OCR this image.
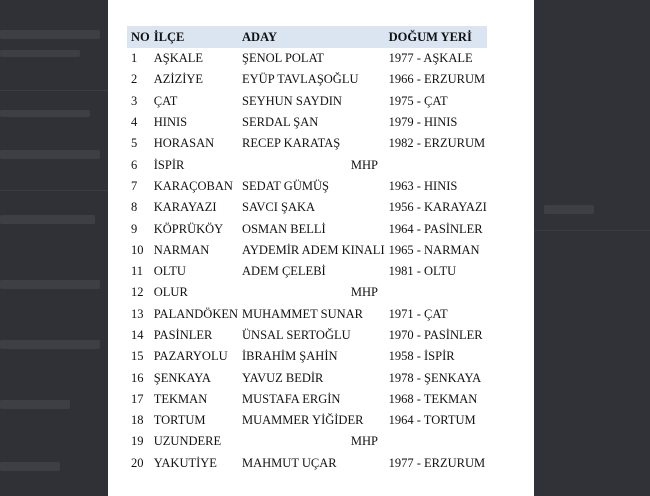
NO	İLÇE	ADAY	DOĞUM YERİ
1	AŞKALE	ŞENOL POLAT	1977 - AŞKALE
2	AZİZİYE	EYÜP TAVLAŞOĞLU	1966 - ERZURUM
3	ÇAT	SEYHUN SAYDIN	1975 - ÇAT
4	HINIS	SERDAL ŞAN	1979 - HINIS
5	HORASAN	RECEP KARATAŞ	1982 - ERZURUM
6	İSPİR	MHP	
7	KARAÇOBAN	SEDAT GÜMÜŞ	1963 - HINIS
8	KARAYAZI	SAVCI ŞAKA	1956 - KARAYAZI
9	KÖPRÜKÖY	OSMAN BELLİ	1964 - PASİNLER
10	NARMAN	AYDEMİR ADEM KINALI	1965 - NARMAN
11	OLTU	ADEM ÇELEBİ	1981 - OLTU
12	OLUR	MHP	
13	PALANDÖKEN	MUHAMMET SUNAR	1971 - ÇAT
14	PASİNLER	ÜNSAL SERTOĞLU	1970 - PASİNLER
15	PAZARYOLU	İBRAHİM ŞAHİN	1958 - İSPİR
16	ŞENKAYA	YAVUZ BEDİR	1978 - ŞENKAYA
17	TEKMAN	MUSTAFA ERGİN	1968 - TEKMAN
18	TORTUM	MUAMMER YİĞİDER	1964 - TORTUM
19	UZUNDERE	MHP	
20	YAKUTİYE	MAHMUT UÇAR	1977 - ERZURUM
